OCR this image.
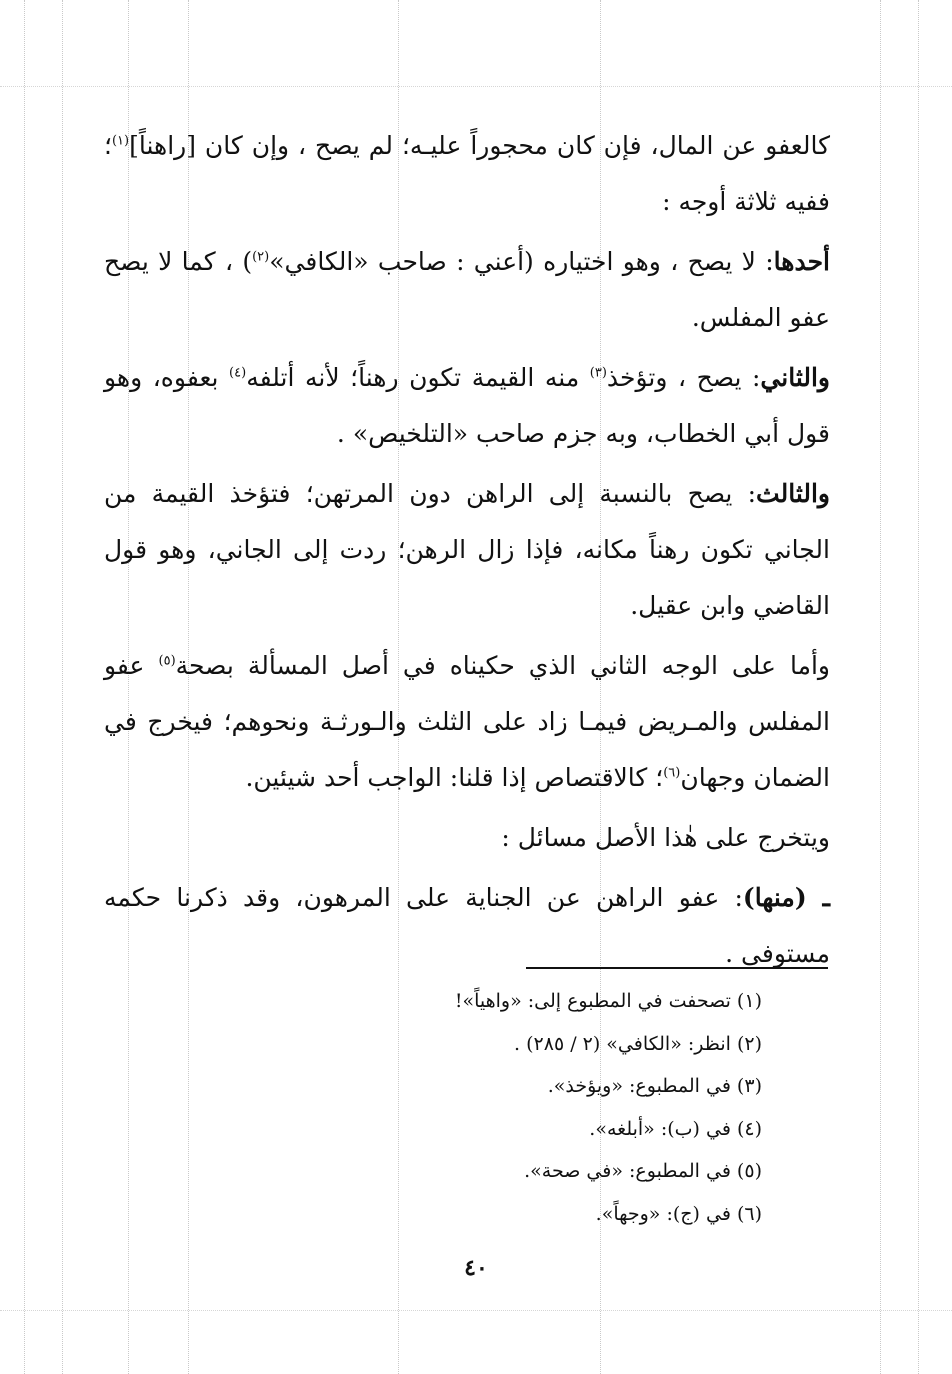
كالعفو عن المال، فإن كان محجوراً عليـه؛ لم يصح ، وإن كان [راهناً]$^{(١)}$؛ ففيه ثلاثة أوجه :

أحدها: لا يصح ، وهو اختياره (أعني : صاحب «الكافي»$^{(٢)}$) ، كما لا يصح عفو المفلس.

والثاني: يصح ، وتؤخذ$^{(٣)}$ منه القيمة تكون رهناً؛ لأنه أتلفه$^{(٤)}$ بعفوه، وهو قول أبي الخطاب، وبه جزم صاحب «التلخيص» .

والثالث: يصح بالنسبة إلى الراهن دون المرتهن؛ فتؤخذ القيمة من الجاني تكون رهناً مكانه، فإذا زال الرهن؛ ردت إلى الجاني، وهو قول القاضي وابن عقيل.

وأما على الوجه الثاني الذي حكيناه في أصل المسألة بصحة$^{(٥)}$ عفو المفلس والمـريض فيمـا زاد على الثلث والـورثـة ونحوهم؛ فيخرج في الضمان وجهان$^{(٦)}$؛ كالاقتصاص إذا قلنا: الواجب أحد شيئين.

ويتخرج على هٰذا الأصل مسائل :

ـ (منها): عفو الراهن عن الجناية على المرهون، وقد ذكرنا حكمه مستوفى .

(١) تصحفت في المطبوع إلى: «واهياً»!
(٢) انظر: «الكافي» (٢ / ٢٨٥) .
(٣) في المطبوع: «ويؤخذ».
(٤) في (ب): «أبلغه».
(٥) في المطبوع: «في صحة».
(٦) في (ج): «وجهاً».
٤٠
